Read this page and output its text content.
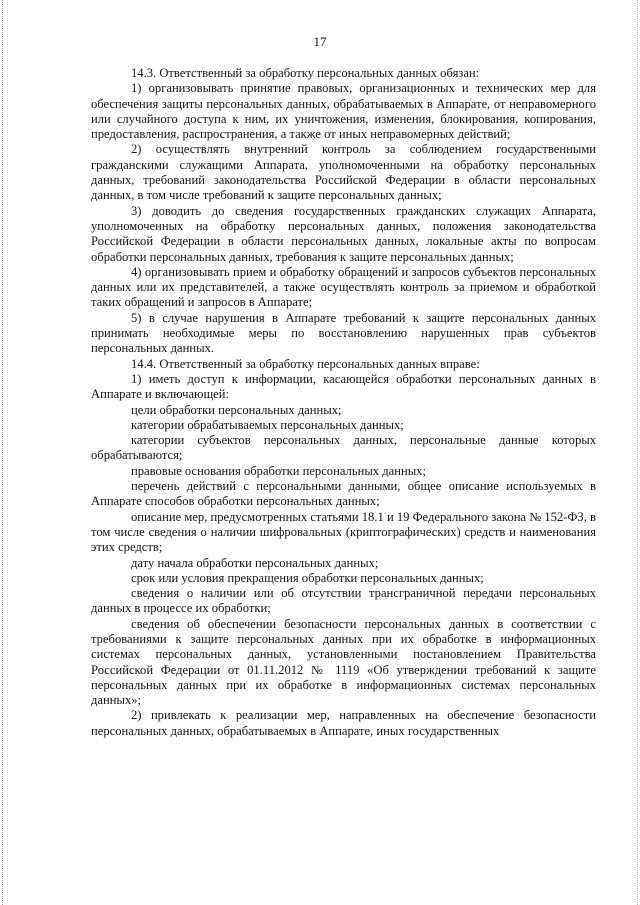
17

14.3. Ответственный за обработку персональных данных обязан:

1) организовывать принятие правовых, организационных и технических мер для обеспечения защиты персональных данных, обрабатываемых в Аппарате, от неправомерного или случайного доступа к ним, их уничтожения, изменения, блокирования, копирования, предоставления, распространения, а также от иных неправомерных действий;

2) осуществлять внутренний контроль за соблюдением государственными гражданскими служащими Аппарата, уполномоченными на обработку персональных данных, требований законодательства Российской Федерации в области персональных данных, в том числе требований к защите персональных данных;

3) доводить до сведения государственных гражданских служащих Аппарата, уполномоченных на обработку персональных данных, положения законодательства Российской Федерации в области персональных данных, локальные акты по вопросам обработки персональных данных, требования к защите персональных данных;

4) организовывать прием и обработку обращений и запросов субъектов персональных данных или их представителей, а также осуществлять контроль за приемом и обработкой таких обращений и запросов в Аппарате;

5) в случае нарушения в Аппарате требований к защите персональных данных принимать необходимые меры по восстановлению нарушенных прав субъектов персональных данных.

14.4. Ответственный за обработку персональных данных вправе:

1) иметь доступ к информации, касающейся обработки персональных данных в Аппарате и включающей:

цели обработки персональных данных;

категории обрабатываемых персональных данных;

категории субъектов персональных данных, персональные данные которых обрабатываются;

правовые основания обработки персональных данных;

перечень действий с персональными данными, общее описание используемых в Аппарате способов обработки персональных данных;

описание мер, предусмотренных статьями 18.1 и 19 Федерального закона № 152-ФЗ, в том числе сведения о наличии шифровальных (криптографических) средств и наименования этих средств;

дату начала обработки персональных данных;

срок или условия прекращения обработки персональных данных;

сведения о наличии или об отсутствии трансграничной передачи персональных данных в процессе их обработки;

сведения об обеспечении безопасности персональных данных в соответствии с требованиями к защите персональных данных при их обработке в информационных системах персональных данных, установленными постановлением Правительства Российской Федерации от 01.11.2012 № 1119 «Об утверждении требований к защите персональных данных при их обработке в информационных системах персональных данных»;

2) привлекать к реализации мер, направленных на обеспечение безопасности персональных данных, обрабатываемых в Аппарате, иных государственных
